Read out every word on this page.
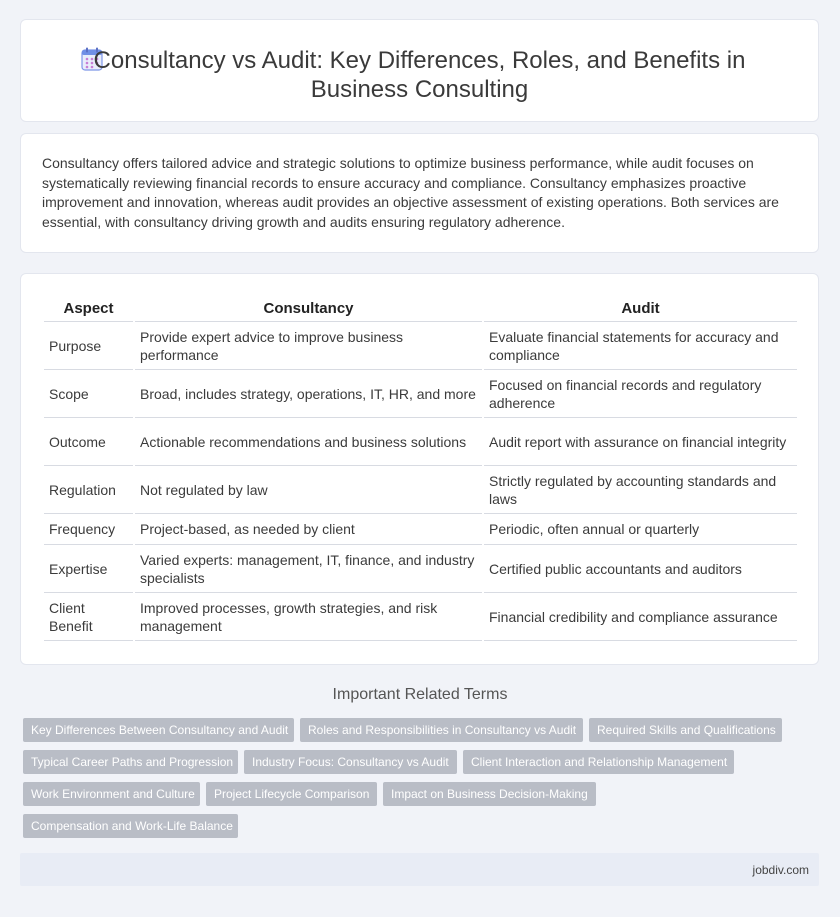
Consultancy vs Audit: Key Differences, Roles, and Benefits in Business Consulting

Consultancy offers tailored advice and strategic solutions to optimize business performance, while audit focuses on systematically reviewing financial records to ensure accuracy and compliance. Consultancy emphasizes proactive improvement and innovation, whereas audit provides an objective assessment of existing operations. Both services are essential, with consultancy driving growth and audits ensuring regulatory adherence.

Aspect	Consultancy	Audit
Purpose	Provide expert advice to improve business performance	Evaluate financial statements for accuracy and compliance
Scope	Broad, includes strategy, operations, IT, HR, and more	Focused on financial records and regulatory adherence
Outcome	Actionable recommendations and business solutions	Audit report with assurance on financial integrity
Regulation	Not regulated by law	Strictly regulated by accounting standards and laws
Frequency	Project-based, as needed by client	Periodic, often annual or quarterly
Expertise	Varied experts: management, IT, finance, and industry specialists	Certified public accountants and auditors
Client Benefit	Improved processes, growth strategies, and risk management	Financial credibility and compliance assurance
Important Related Terms
Key Differences Between Consultancy and Audit	Roles and Responsibilities in Consultancy vs Audit	Required Skills and Qualifications
Typical Career Paths and Progression	Industry Focus: Consultancy vs Audit	Client Interaction and Relationship Management
Work Environment and Culture	Project Lifecycle Comparison	Impact on Business Decision-Making
Compensation and Work-Life Balance
jobdiv.com
